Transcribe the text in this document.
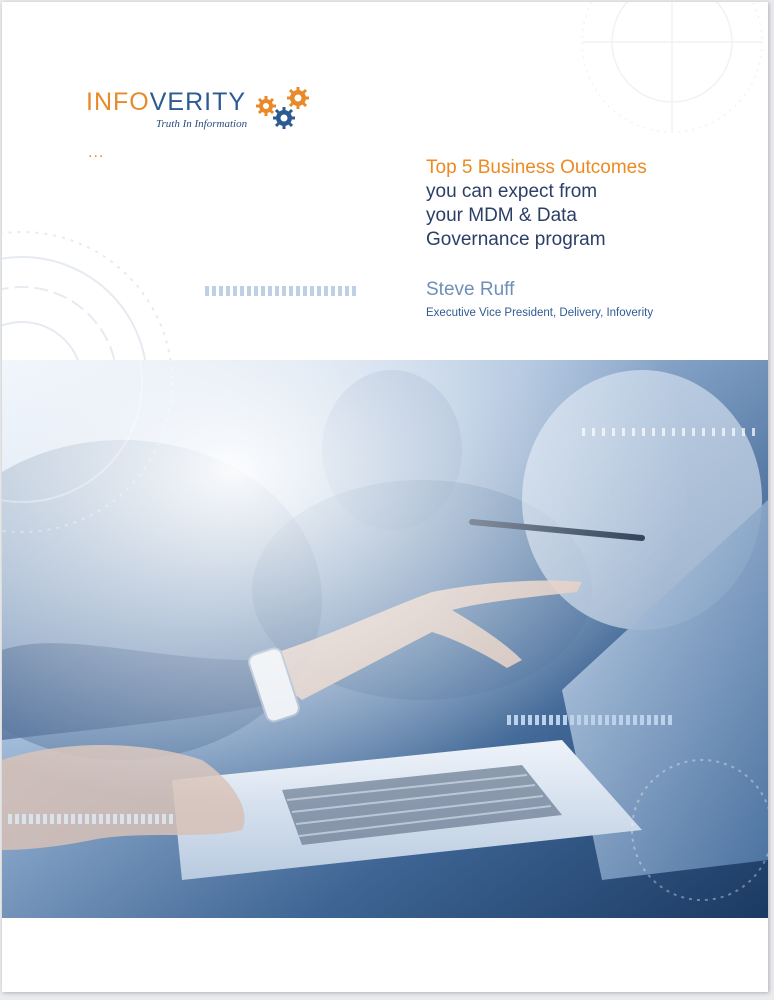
INFOVERITY
Truth In Information
...
Top 5 Business Outcomes
you can expect from
your MDM & Data
Governance program
Steve Ruff
Executive Vice President, Delivery, Infoverity
